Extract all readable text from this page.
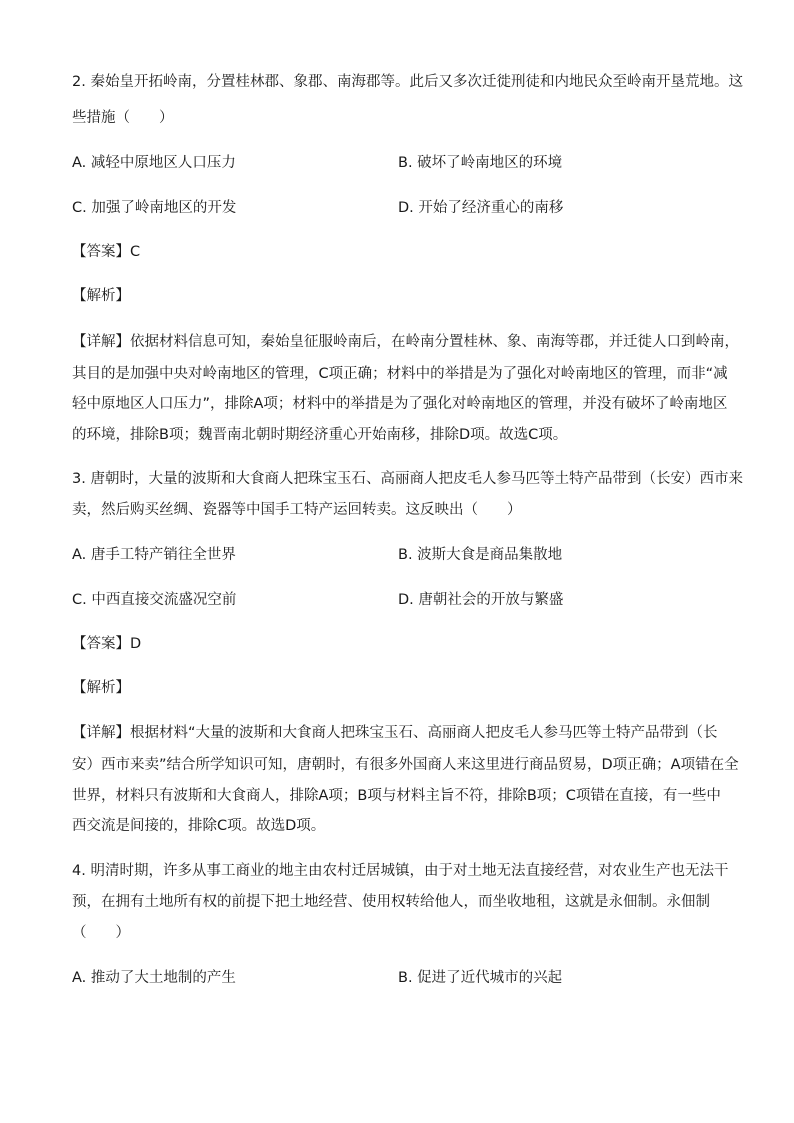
2. 秦始皇开拓岭南，分置桂林郡、象郡、南海郡等。此后又多次迁徙刑徒和内地民众至岭南开垦荒地。这
些措施（　　）
A. 减轻中原地区人口压力	B. 破坏了岭南地区的环境
C. 加强了岭南地区的开发	D. 开始了经济重心的南移
【答案】C
【解析】
【详解】依据材料信息可知，秦始皇征服岭南后，在岭南分置桂林、象、南海等郡，并迁徙人口到岭南，
其目的是加强中央对岭南地区的管理，C项正确；材料中的举措是为了强化对岭南地区的管理，而非“减
轻中原地区人口压力”，排除A项；材料中的举措是为了强化对岭南地区的管理，并没有破坏了岭南地区
的环境，排除B项；魏晋南北朝时期经济重心开始南移，排除D项。故选C项。
3. 唐朝时，大量的波斯和大食商人把珠宝玉石、高丽商人把皮毛人参马匹等土特产品带到（长安）西市来
卖，然后购买丝绸、瓷器等中国手工特产运回转卖。这反映出（　　）
A. 唐手工特产销往全世界	B. 波斯大食是商品集散地
C. 中西直接交流盛况空前	D. 唐朝社会的开放与繁盛
【答案】D
【解析】
【详解】根据材料“大量的波斯和大食商人把珠宝玉石、高丽商人把皮毛人参马匹等土特产品带到（长
安）西市来卖”结合所学知识可知，唐朝时，有很多外国商人来这里进行商品贸易，D项正确；A项错在全
世界，材料只有波斯和大食商人，排除A项；B项与材料主旨不符，排除B项；C项错在直接，有一些中
西交流是间接的，排除C项。故选D项。
4. 明清时期，许多从事工商业的地主由农村迁居城镇，由于对土地无法直接经营，对农业生产也无法干
预，在拥有土地所有权的前提下把土地经营、使用权转给他人，而坐收地租，这就是永佃制。永佃制
（　　）
A. 推动了大土地制的产生	B. 促进了近代城市的兴起
